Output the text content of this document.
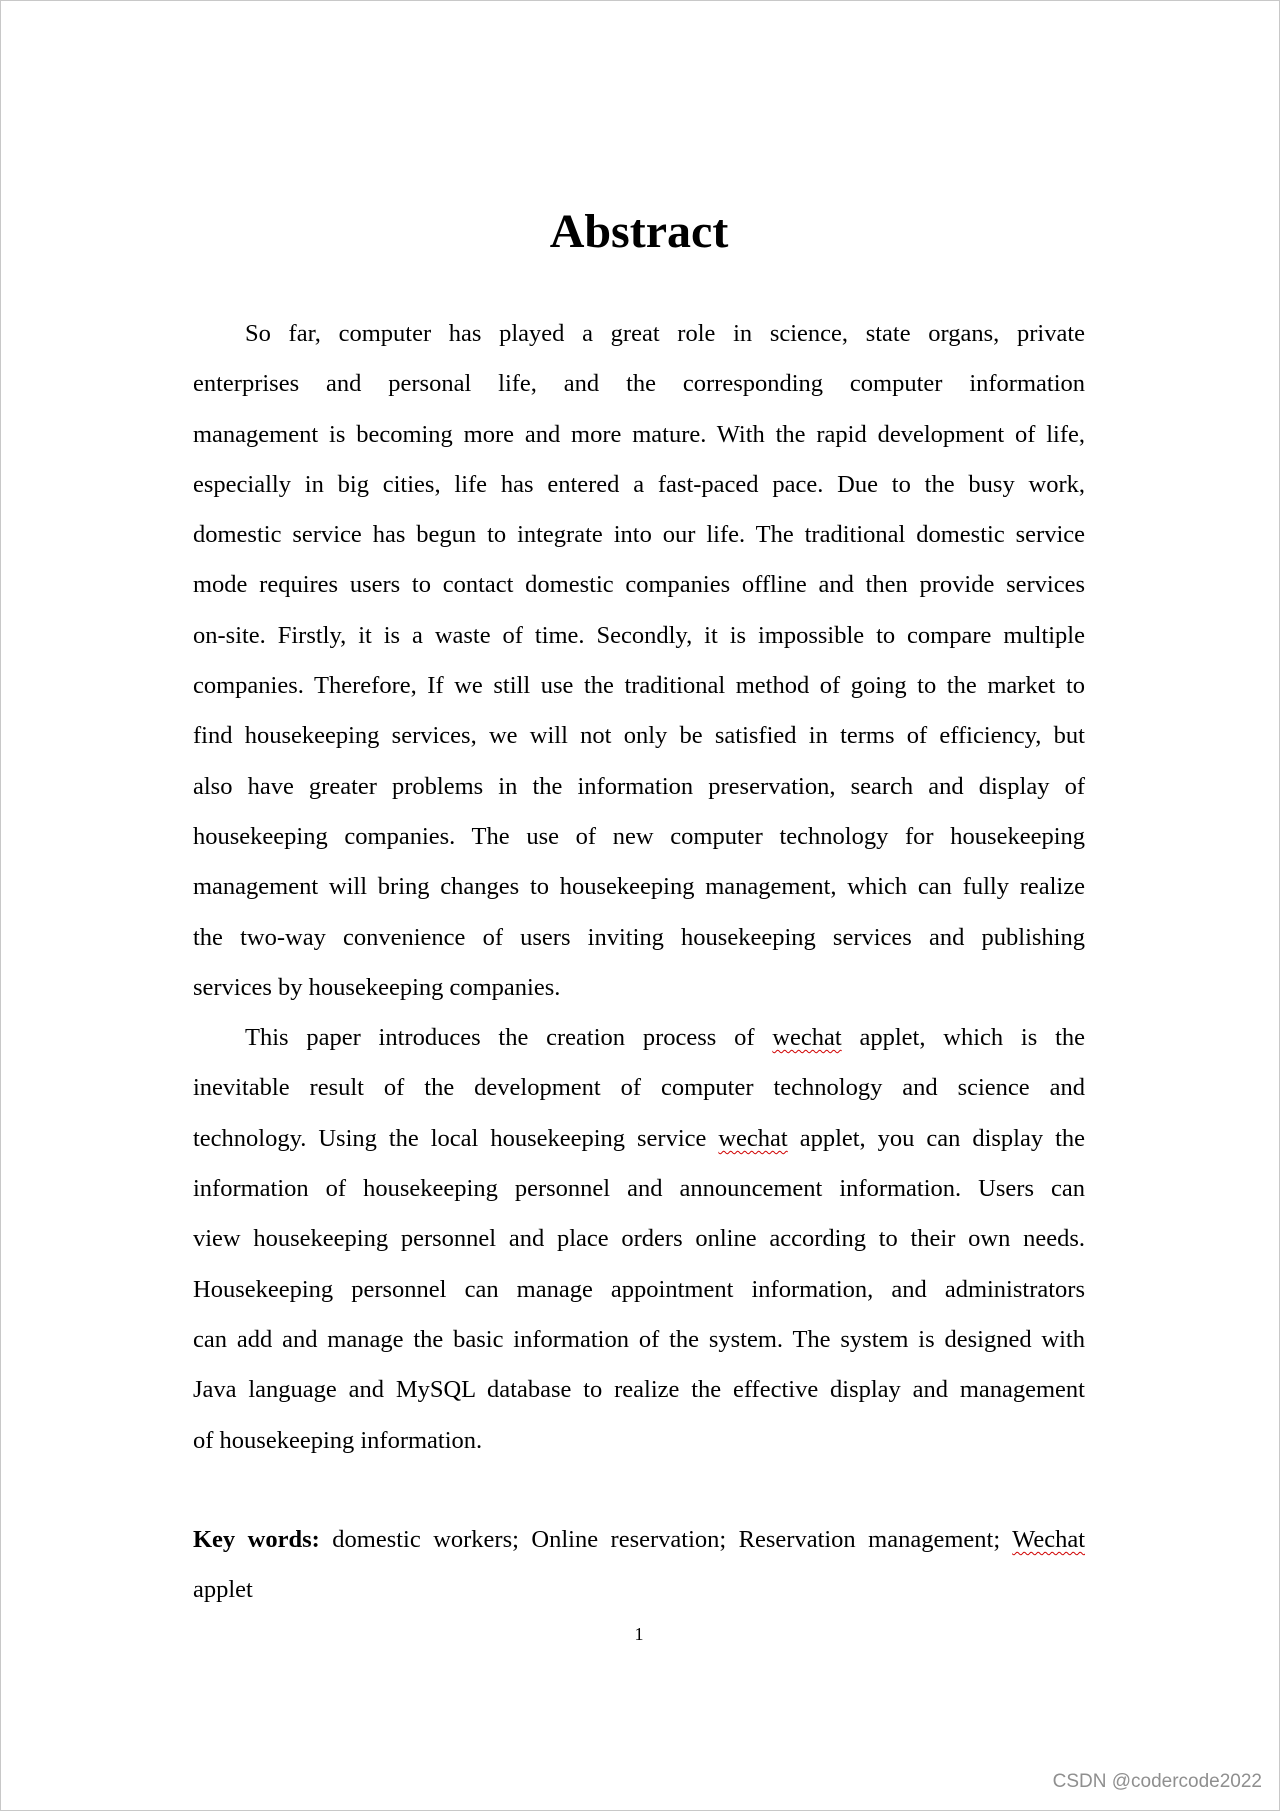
Abstract
So far, computer has played a great role in science, state organs, private
enterprises and personal life, and the corresponding computer information
management is becoming more and more mature. With the rapid development of life,
especially in big cities, life has entered a fast-paced pace. Due to the busy work,
domestic service has begun to integrate into our life. The traditional domestic service
mode requires users to contact domestic companies offline and then provide services
on-site. Firstly, it is a waste of time. Secondly, it is impossible to compare multiple
companies. Therefore, If we still use the traditional method of going to the market to
find housekeeping services, we will not only be satisfied in terms of efficiency, but
also have greater problems in the information preservation, search and display of
housekeeping companies. The use of new computer technology for housekeeping
management will bring changes to housekeeping management, which can fully realize
the two-way convenience of users inviting housekeeping services and publishing
services by housekeeping companies.
This paper introduces the creation process of wechat applet, which is the
inevitable result of the development of computer technology and science and
technology. Using the local housekeeping service wechat applet, you can display the
information of housekeeping personnel and announcement information. Users can
view housekeeping personnel and place orders online according to their own needs.
Housekeeping personnel can manage appointment information, and administrators
can add and manage the basic information of the system. The system is designed with
Java language and MySQL database to realize the effective display and management
of housekeeping information.
Key words: domestic workers; Online reservation; Reservation management; Wechat
applet
1
CSDN @codercode2022
